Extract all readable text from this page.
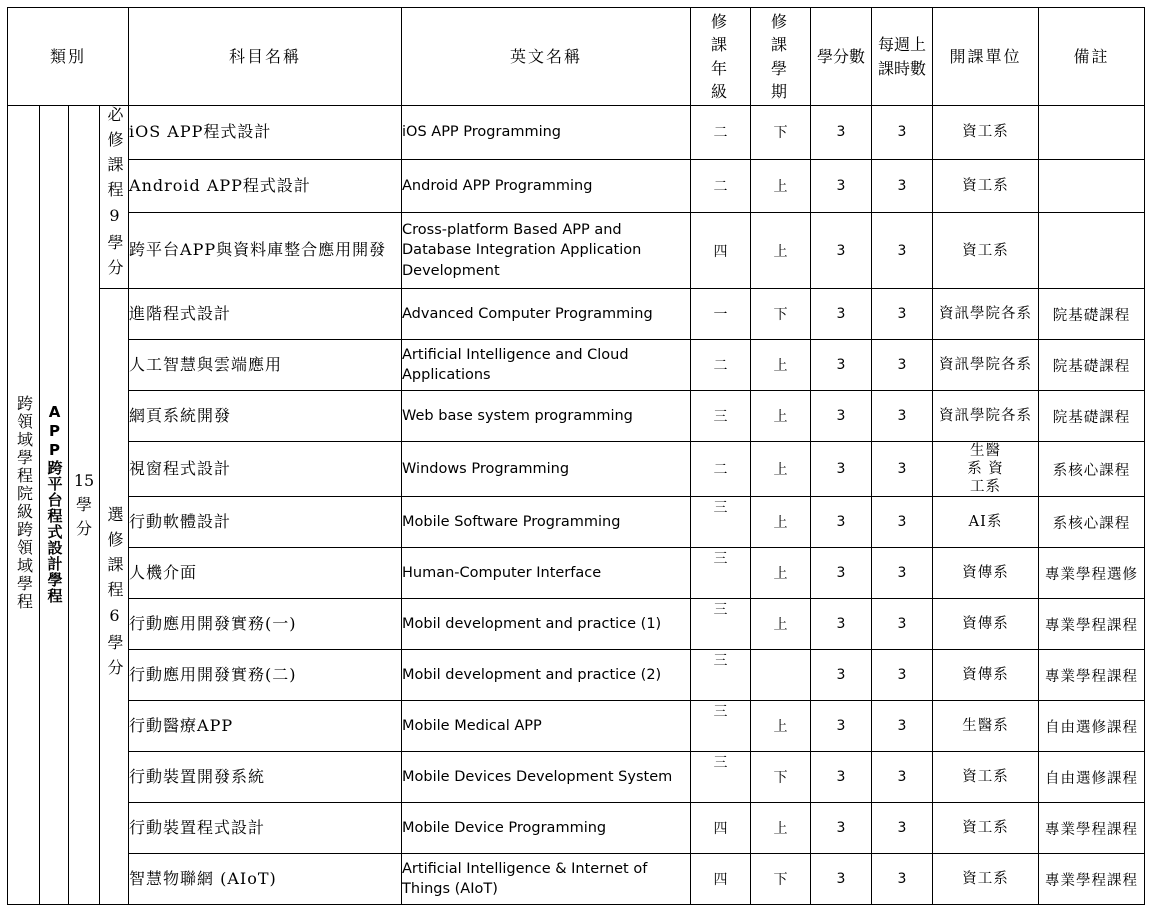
類別				科目名稱	英文名稱	修課年級	修課學期	學分數	每週上課時數	開課單位	備註
跨領域學程院級跨領域學程	APP跨平台程式設計學程	15學分	必修課程9學分	iOS APP程式設計	iOS APP Programming	二	下	3	3	資工系	
				Android APP程式設計	Android APP Programming	二	上	3	3	資工系	
				跨平台APP與資料庫整合應用開發	Cross-platform Based APP and Database Integration Application Development	四	上	3	3	資工系	
			選修課程6學分	進階程式設計	Advanced Computer Programming	一	下	3	3	資訊學院各系	院基礎課程
				人工智慧與雲端應用	Artificial Intelligence and Cloud Applications	二	上	3	3	資訊學院各系	院基礎課程
				網頁系統開發	Web base system programming	三	上	3	3	資訊學院各系	院基礎課程
				視窗程式設計	Windows Programming	二	上	3	3	生醫系 資工系	系核心課程
				行動軟體設計	Mobile Software Programming	三	上	3	3	AI系	系核心課程
				人機介面	Human-Computer Interface	三	上	3	3	資傳系	專業學程選修
				行動應用開發實務(一)	Mobil development and practice (1)	三	上	3	3	資傳系	專業學程課程
				行動應用開發實務(二)	Mobil development and practice (2)	三		3	3	資傳系	專業學程課程
				行動醫療APP	Mobile Medical APP	三	上	3	3	生醫系	自由選修課程
				行動裝置開發系統	Mobile Devices Development System	三	下	3	3	資工系	自由選修課程
				行動裝置程式設計	Mobile Device Programming	四	上	3	3	資工系	專業學程課程
				智慧物聯網 (AIoT)	Artificial Intelligence & Internet of Things (AIoT)	四	下	3	3	資工系	專業學程課程
